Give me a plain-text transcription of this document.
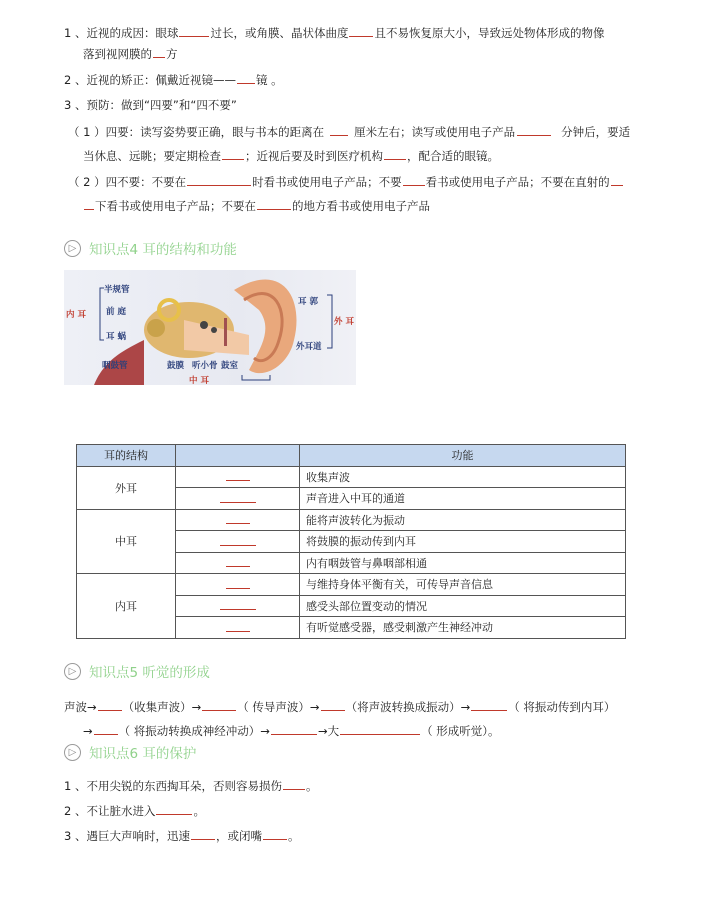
1 、近视的成因：眼球	过长，或角膜、晶状体曲度 且不易恢复原大小，导致远处物体形成的物像
落到视网膜的 方
2 、近视的矫正：佩戴近视镜—— 镜 。
3 、预防：做到“四要”和“四不要”
（ 1 ）四要：读写姿势要正确，眼与书本的距离在	厘米左右；读写或使用电子产品	分钟后，要适
当休息、远眺；要定期检查 ；近视后要及时到医疗机构 ，配合适的眼镜。
（ 2 ）四不要：不要在	时看书或使用电子产品；不要 看书或使用电子产品；不要在直射的
下看书或使用电子产品；不要在	的地方看书或使用电子产品
▷ 知识点4 耳的结构和功能
半规管
前 庭
耳 蜗
内 耳
咽鼓管	鼓膜 听小骨 鼓室
中 耳
耳 郭
外耳道
外 耳
耳的结构		功能
外耳		收集声波
		声音进入中耳的通道
中耳		能将声波转化为振动
		将鼓膜的振动传到内耳
		内有咽鼓管与鼻咽部相通
内耳		与维持身体平衡有关，可传导声音信息
		感受头部位置变动的情况
		有听觉感受器，感受刺激产生神经冲动
▷ 知识点5 听觉的形成
声波→ （收集声波）→	（ 传导声波）→ （将声波转换成振动）→	（ 将振动传到内耳）
→ （ 将振动转换成神经冲动）→	→大	（ 形成听觉）。
▷ 知识点6 耳的保护
1 、不用尖锐的东西掏耳朵，否则容易损伤 。
2 、不让脏水进入	。
3 、遇巨大声响时，迅速 ，或闭嘴 。
